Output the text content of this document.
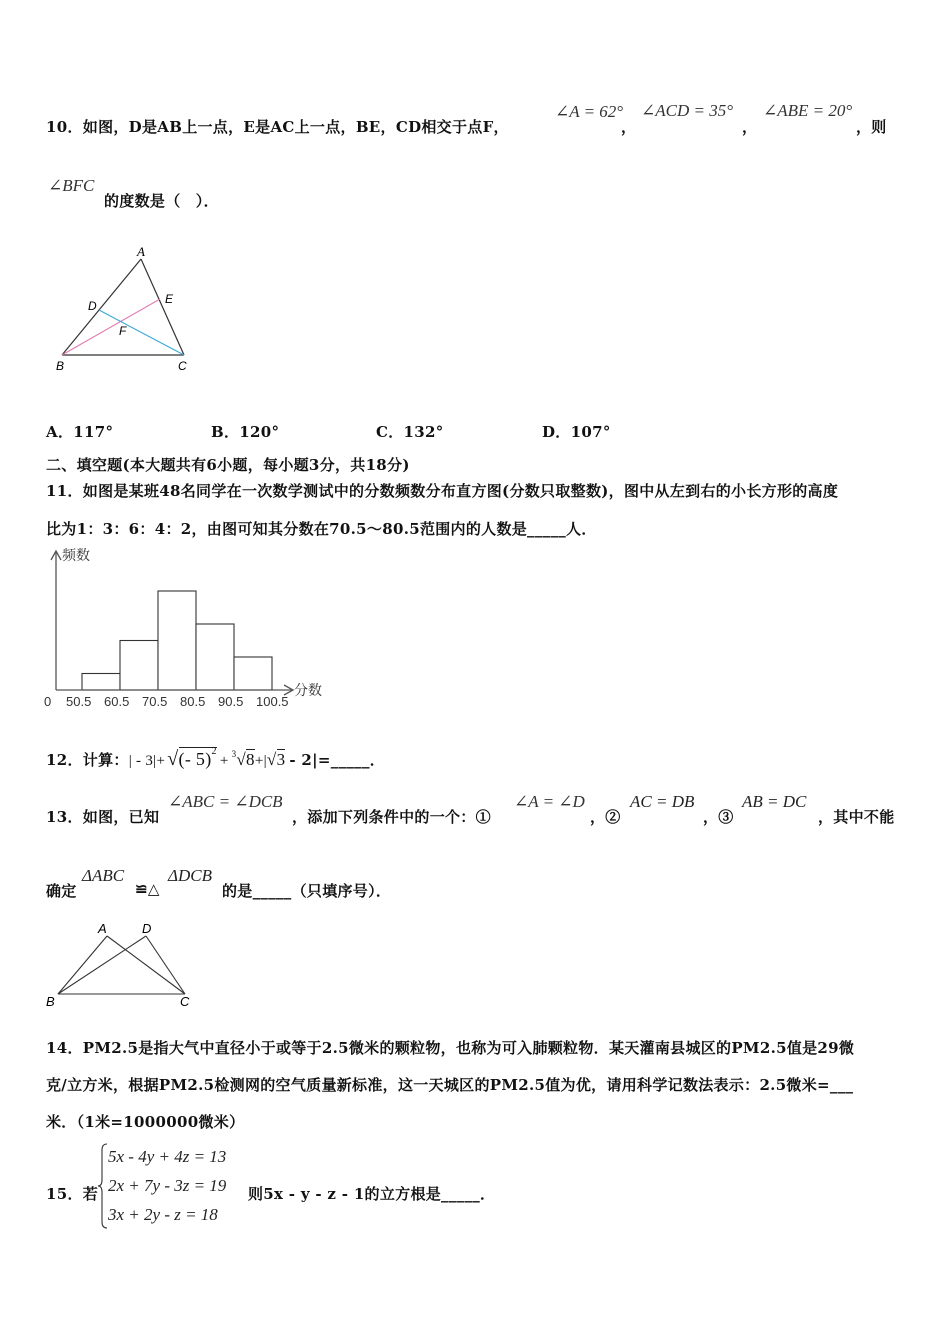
10．如图，D是AB上一点，E是AC上一点，BE，CD相交于点F，
∠A = 62°
，
∠ACD = 35°
，
∠ABE = 20°
，则
∠BFC
的度数是（　）．
A
B	C
D	E
F
A．117°	B．120°	C．132°	D．107°
二、填空题(本大题共有6小题，每小题3分，共18分)
11．如图是某班48名同学在一次数学测试中的分数频数分布直方图(分数只取整数)，图中从左到右的小长方形的高度
比为1：3：6：4：2，由图可知其分数在70.5～80.5范围内的人数是_____人．
频数
分数
0 50.5 60.5 70.5 80.5 90.5 100.5
12．计算：| - 3|+ √(- 5)$^2$+ $^3$√8+|√3 - 2|=_____．
13．如图，已知
∠ABC = ∠DCB
，添加下列条件中的一个：①
∠A = ∠D
，②
AC = DB
，③
AB = DC
，其中不能
确定
ΔABC
≌△
ΔDCB
的是_____（只填序号）．
A	D
B	C
14．PM2.5是指大气中直径小于或等于2.5微米的颗粒物，也称为可入肺颗粒物．某天灌南县城区的PM2.5值是29微
克/立方米，根据PM2.5检测网的空气质量新标准，这一天城区的PM2.5值为优，请用科学记数法表示：2.5微米=___
米．（1米=1000000微米）
15．若
5x - 4y + 4z = 13
2x + 7y - 3z = 19
3x + 2y - z = 18
则5x - y - z - 1的立方根是_____．
